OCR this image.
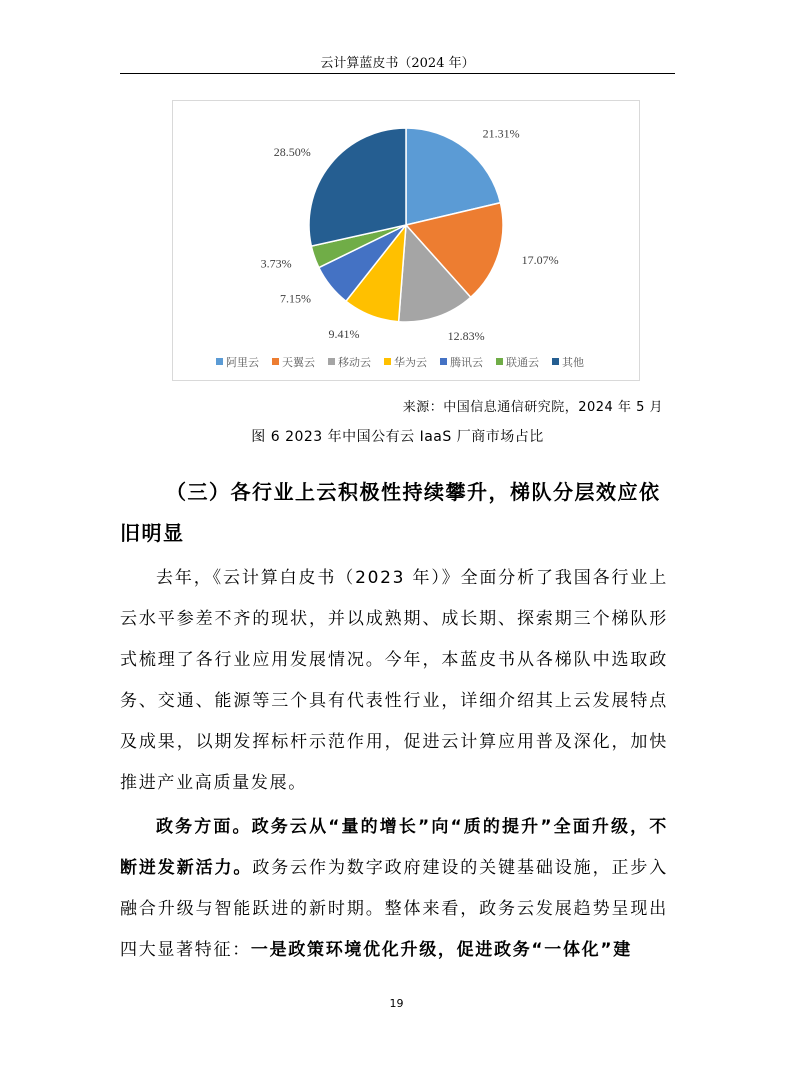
云计算蓝皮书（2024 年）
21.31%
17.07%
12.83%
9.41%
7.15%
3.73%
28.50%
阿里云 天翼云 移动云 华为云 腾讯云 联通云 其他
来源：中国信息通信研究院，2024 年 5 月
图 6 2023 年中国公有云 IaaS 厂商市场占比
（三）各行业上云积极性持续攀升，梯队分层效应依旧明显
去年，《云计算白皮书（2023 年）》全面分析了我国各行业上云水平参差不齐的现状，并以成熟期、成长期、探索期三个梯队形式梳理了各行业应用发展情况。今年，本蓝皮书从各梯队中选取政务、交通、能源等三个具有代表性行业，详细介绍其上云发展特点及成果，以期发挥标杆示范作用，促进云计算应用普及深化，加快推进产业高质量发展。
政务方面。政务云从“量的增长”向“质的提升”全面升级，不断迸发新活力。政务云作为数字政府建设的关键基础设施，正步入融合升级与智能跃进的新时期。整体来看，政务云发展趋势呈现出四大显著特征：一是政策环境优化升级，促进政务“一体化”建
19
